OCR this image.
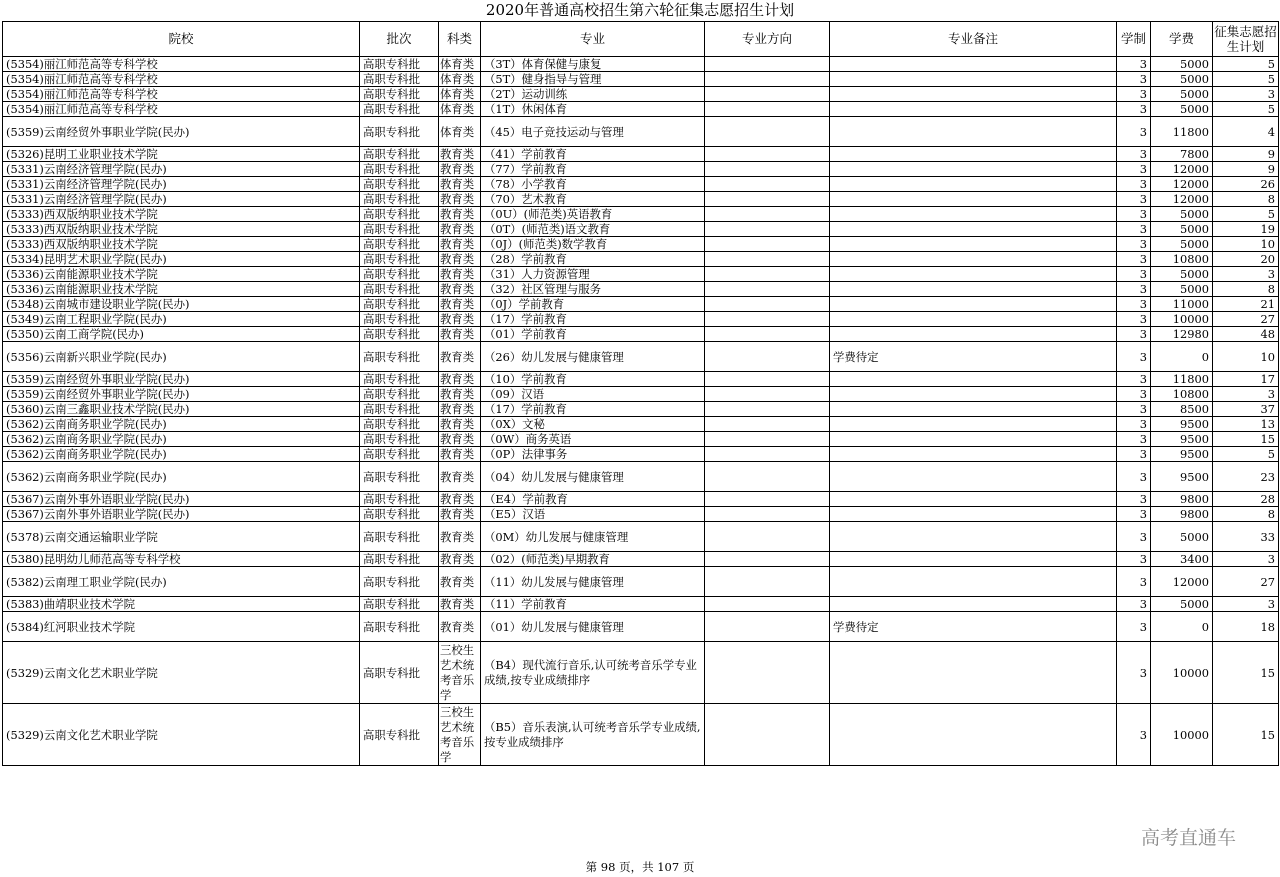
2020年普通高校招生第六轮征集志愿招生计划
院校	批次	科类	专业	专业方向	专业备注	学制	学费	征集志愿招生计划
(5354)丽江师范高等专科学校	高职专科批	体育类	（3T）体育保健与康复			3	5000	5
(5354)丽江师范高等专科学校	高职专科批	体育类	（5T）健身指导与管理			3	5000	5
(5354)丽江师范高等专科学校	高职专科批	体育类	（2T）运动训练			3	5000	3
(5354)丽江师范高等专科学校	高职专科批	体育类	（1T）休闲体育			3	5000	5
(5359)云南经贸外事职业学院(民办)	高职专科批	体育类	（45）电子竞技运动与管理			3	11800	4
(5326)昆明工业职业技术学院	高职专科批	教育类	（41）学前教育			3	7800	9
(5331)云南经济管理学院(民办)	高职专科批	教育类	（77）学前教育			3	12000	9
(5331)云南经济管理学院(民办)	高职专科批	教育类	（78）小学教育			3	12000	26
(5331)云南经济管理学院(民办)	高职专科批	教育类	（70）艺术教育			3	12000	8
(5333)西双版纳职业技术学院	高职专科批	教育类	（0U）(师范类)英语教育			3	5000	5
(5333)西双版纳职业技术学院	高职专科批	教育类	（0T）(师范类)语文教育			3	5000	19
(5333)西双版纳职业技术学院	高职专科批	教育类	（0J）(师范类)数学教育			3	5000	10
(5334)昆明艺术职业学院(民办)	高职专科批	教育类	（28）学前教育			3	10800	20
(5336)云南能源职业技术学院	高职专科批	教育类	（31）人力资源管理			3	5000	3
(5336)云南能源职业技术学院	高职专科批	教育类	（32）社区管理与服务			3	5000	8
(5348)云南城市建设职业学院(民办)	高职专科批	教育类	（0J）学前教育			3	11000	21
(5349)云南工程职业学院(民办)	高职专科批	教育类	（17）学前教育			3	10000	27
(5350)云南工商学院(民办)	高职专科批	教育类	（01）学前教育			3	12980	48
(5356)云南新兴职业学院(民办)	高职专科批	教育类	（26）幼儿发展与健康管理		学费待定	3	0	10
(5359)云南经贸外事职业学院(民办)	高职专科批	教育类	（10）学前教育			3	11800	17
(5359)云南经贸外事职业学院(民办)	高职专科批	教育类	（09）汉语			3	10800	3
(5360)云南三鑫职业技术学院(民办)	高职专科批	教育类	（17）学前教育			3	8500	37
(5362)云南商务职业学院(民办)	高职专科批	教育类	（0X）文秘			3	9500	13
(5362)云南商务职业学院(民办)	高职专科批	教育类	（0W）商务英语			3	9500	15
(5362)云南商务职业学院(民办)	高职专科批	教育类	（0P）法律事务			3	9500	5
(5362)云南商务职业学院(民办)	高职专科批	教育类	（04）幼儿发展与健康管理			3	9500	23
(5367)云南外事外语职业学院(民办)	高职专科批	教育类	（E4）学前教育			3	9800	28
(5367)云南外事外语职业学院(民办)	高职专科批	教育类	（E5）汉语			3	9800	8
(5378)云南交通运输职业学院	高职专科批	教育类	（0M）幼儿发展与健康管理			3	5000	33
(5380)昆明幼儿师范高等专科学校	高职专科批	教育类	（02）(师范类)早期教育			3	3400	3
(5382)云南理工职业学院(民办)	高职专科批	教育类	（11）幼儿发展与健康管理			3	12000	27
(5383)曲靖职业技术学院	高职专科批	教育类	（11）学前教育			3	5000	3
(5384)红河职业技术学院	高职专科批	教育类	（01）幼儿发展与健康管理		学费待定	3	0	18
(5329)云南文化艺术职业学院	高职专科批	三校生艺术统考音乐学	（B4）现代流行音乐,认可统考音乐学专业成绩,按专业成绩排序			3	10000	15
(5329)云南文化艺术职业学院	高职专科批	三校生艺术统考音乐学	（B5）音乐表演,认可统考音乐学专业成绩,按专业成绩排序			3	10000	15
高考直通车
第 98 页，共 107 页
